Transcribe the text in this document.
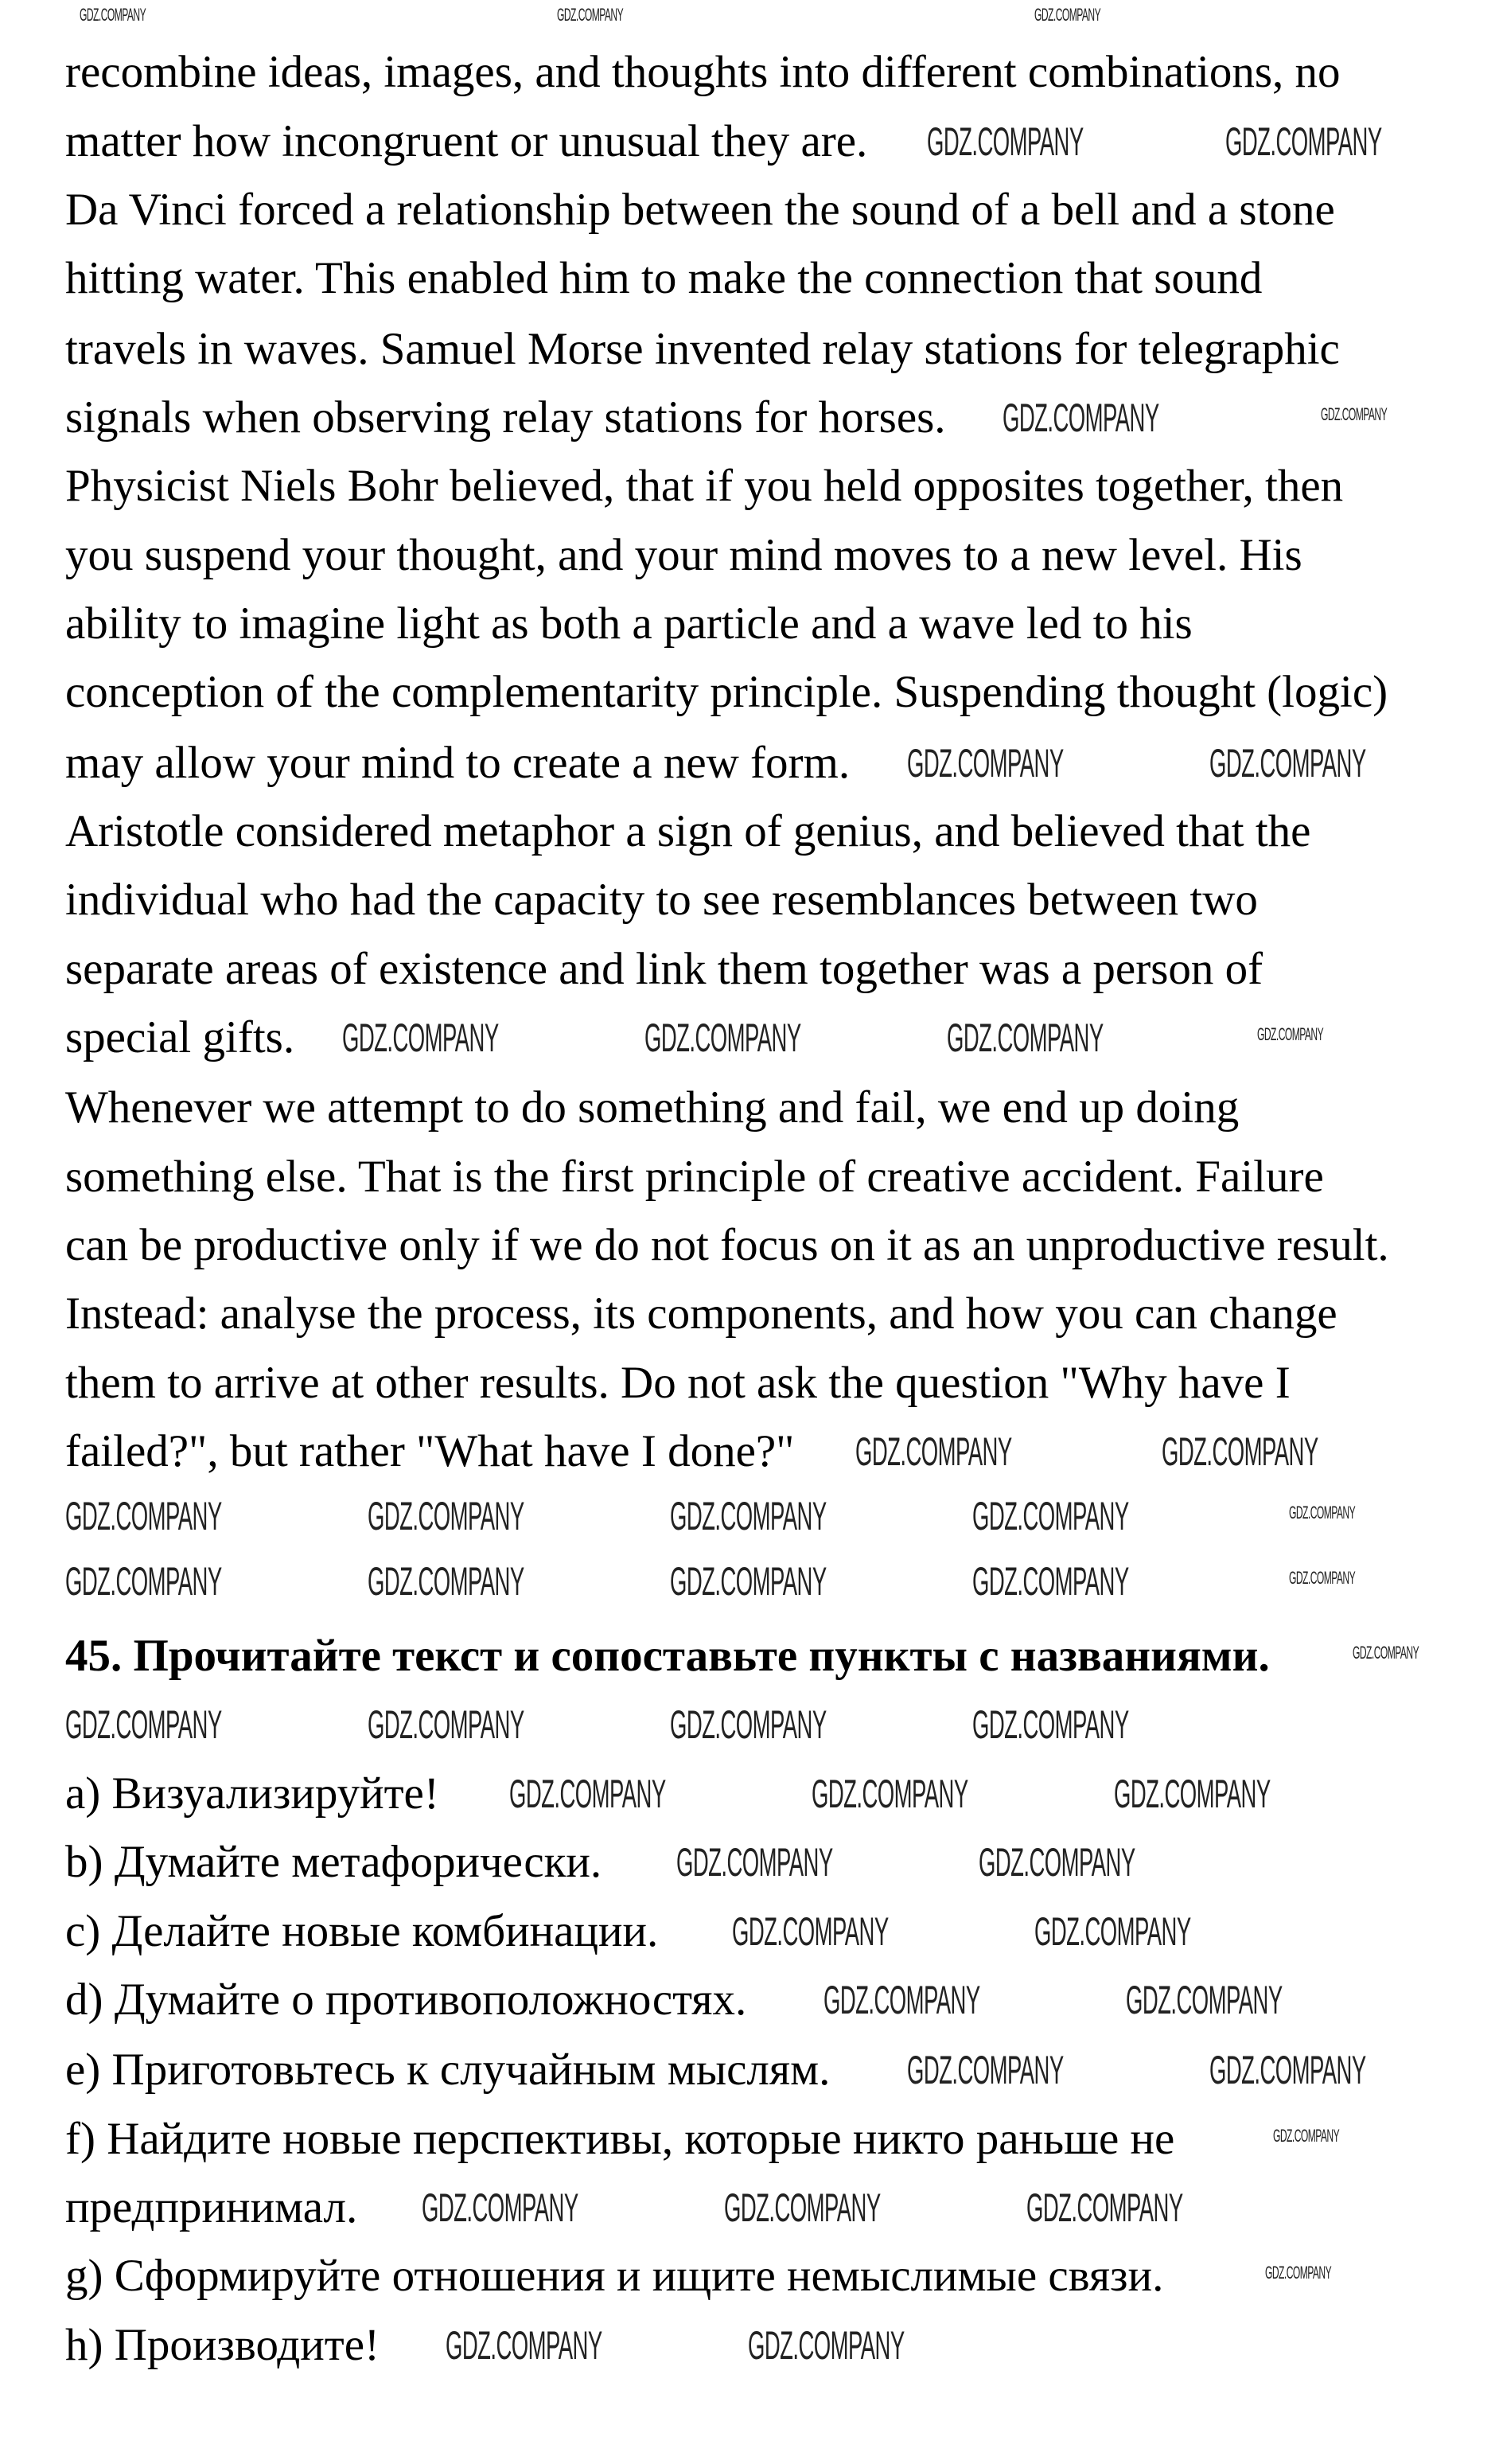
recombine ideas, images, and thoughts into different combinations, no
matter how incongruent or unusual they are.
Da Vinci forced a relationship between the sound of a bell and a stone
hitting water. This enabled him to make the connection that sound
travels in waves. Samuel Morse invented relay stations for telegraphic
signals when observing relay stations for horses.
Physicist Niels Bohr believed, that if you held opposites together, then
you suspend your thought, and your mind moves to a new level. His
ability to imagine light as both a particle and a wave led to his
conception of the complementarity principle. Suspending thought (logic)
may allow your mind to create a new form.
Aristotle considered metaphor a sign of genius, and believed that the
individual who had the capacity to see resemblances between two
separate areas of existence and link them together was a person of
special gifts.
Whenever we attempt to do something and fail, we end up doing
something else. That is the first principle of creative accident. Failure
can be productive only if we do not focus on it as an unproductive result.
Instead: analyse the process, its components, and how you can change
them to arrive at other results. Do not ask the question "Why have I
failed?", but rather "What have I done?"
45. Прочитайте текст и сопоставьте пункты с названиями.
a) Визуализируйте!
b) Думайте метафорически.
c) Делайте новые комбинации.
d) Думайте о противоположностях.
e) Приготовьтесь к случайным мыслям.
f) Найдите новые перспективы, которые никто раньше не
предпринимал.
g) Сформируйте отношения и ищите немыслимые связи.
h) Производите!
GDZ.COMPANY	GDZ.COMPANY	GDZ.COMPANY
GDZ.COMPANY	GDZ.COMPANY
GDZ.COMPANY	GDZ.COMPANY
GDZ.COMPANY	GDZ.COMPANY
GDZ.COMPANY	GDZ.COMPANY	GDZ.COMPANY	GDZ.COMPANY
GDZ.COMPANY	GDZ.COMPANY
GDZ.COMPANY	GDZ.COMPANY	GDZ.COMPANY	GDZ.COMPANY	GDZ.COMPANY
GDZ.COMPANY	GDZ.COMPANY	GDZ.COMPANY	GDZ.COMPANY	GDZ.COMPANY
GDZ.COMPANY
GDZ.COMPANY	GDZ.COMPANY	GDZ.COMPANY	GDZ.COMPANY
GDZ.COMPANY	GDZ.COMPANY	GDZ.COMPANY
GDZ.COMPANY	GDZ.COMPANY
GDZ.COMPANY	GDZ.COMPANY
GDZ.COMPANY	GDZ.COMPANY
GDZ.COMPANY	GDZ.COMPANY
GDZ.COMPANY
GDZ.COMPANY	GDZ.COMPANY	GDZ.COMPANY
GDZ.COMPANY
GDZ.COMPANY	GDZ.COMPANY
